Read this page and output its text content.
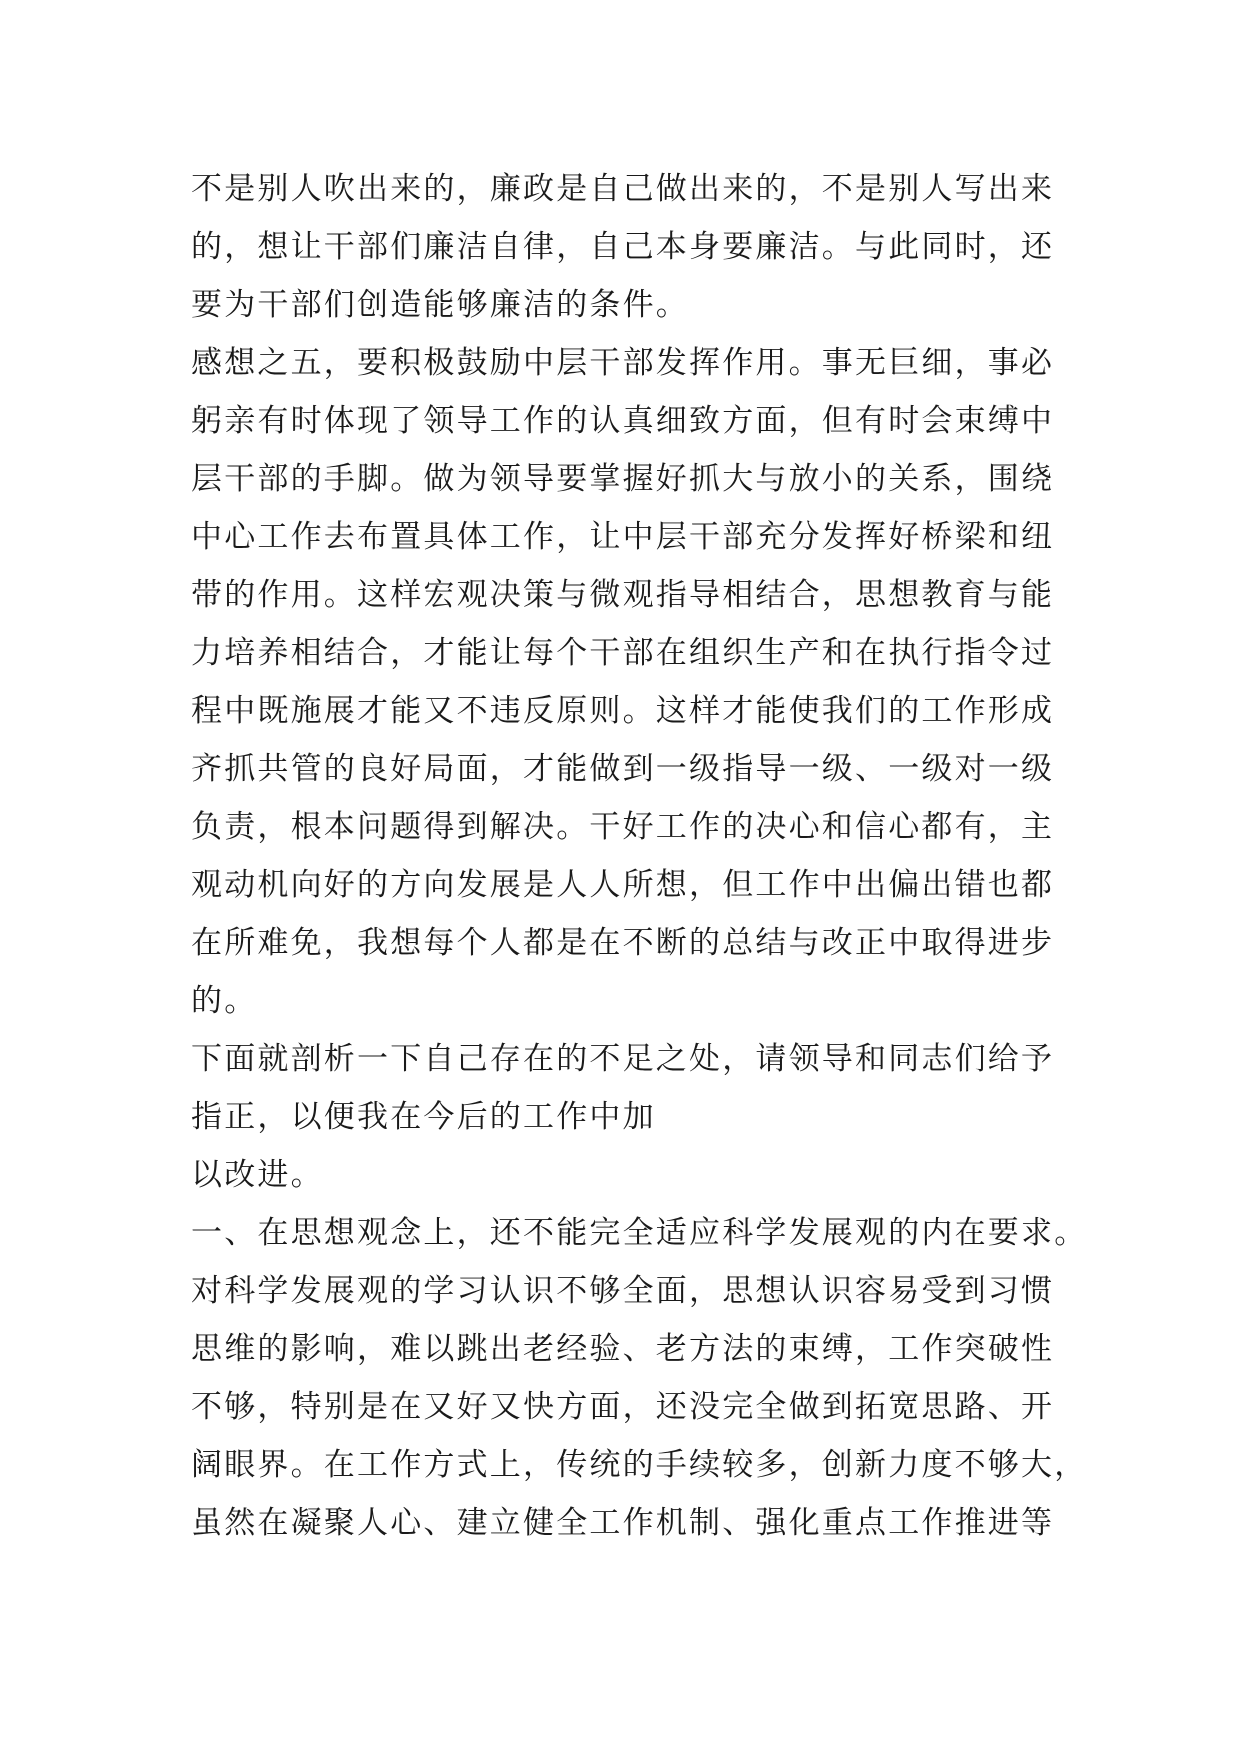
不是别人吹出来的，廉政是自己做出来的，不是别人写出来
的，想让干部们廉洁自律，自己本身要廉洁。与此同时，还
要为干部们创造能够廉洁的条件。
感想之五，要积极鼓励中层干部发挥作用。事无巨细，事必
躬亲有时体现了领导工作的认真细致方面，但有时会束缚中
层干部的手脚。做为领导要掌握好抓大与放小的关系，围绕
中心工作去布置具体工作，让中层干部充分发挥好桥梁和纽
带的作用。这样宏观决策与微观指导相结合，思想教育与能
力培养相结合，才能让每个干部在组织生产和在执行指令过
程中既施展才能又不违反原则。这样才能使我们的工作形成
齐抓共管的良好局面，才能做到一级指导一级、一级对一级
负责，根本问题得到解决。干好工作的决心和信心都有，主
观动机向好的方向发展是人人所想，但工作中出偏出错也都
在所难免，我想每个人都是在不断的总结与改正中取得进步
的。
下面就剖析一下自己存在的不足之处，请领导和同志们给予
指正，以便我在今后的工作中加
以改进。
一、在思想观念上，还不能完全适应科学发展观的内在要求。
对科学发展观的学习认识不够全面，思想认识容易受到习惯
思维的影响，难以跳出老经验、老方法的束缚，工作突破性
不够，特别是在又好又快方面，还没完全做到拓宽思路、开
阔眼界。在工作方式上，传统的手续较多，创新力度不够大，
虽然在凝聚人心、建立健全工作机制、强化重点工作推进等
